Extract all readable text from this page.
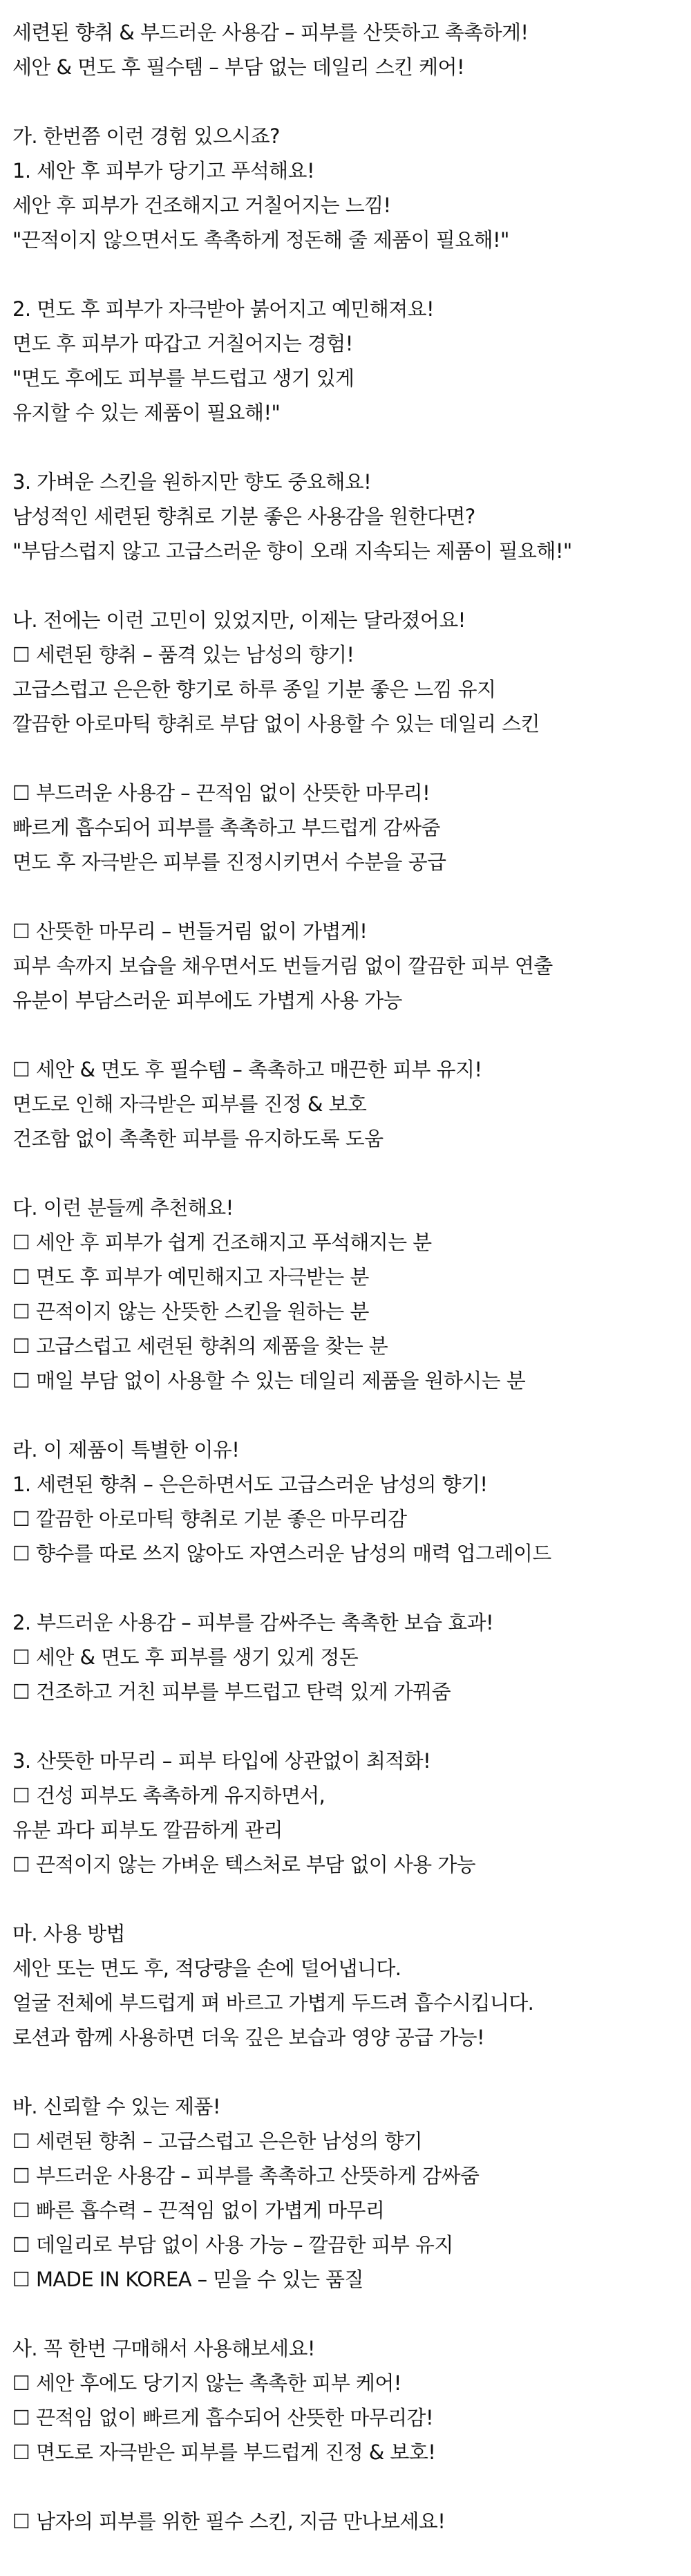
세련된 향취 & 부드러운 사용감 – 피부를 산뜻하고 촉촉하게!
세안 & 면도 후 필수템 – 부담 없는 데일리 스킨 케어!
가. 한번쯤 이런 경험 있으시죠?
1. 세안 후 피부가 당기고 푸석해요!
세안 후 피부가 건조해지고 거칠어지는 느낌!
"끈적이지 않으면서도 촉촉하게 정돈해 줄 제품이 필요해!"
2. 면도 후 피부가 자극받아 붉어지고 예민해져요!
면도 후 피부가 따갑고 거칠어지는 경험!
"면도 후에도 피부를 부드럽고 생기 있게
유지할 수 있는 제품이 필요해!"
3. 가벼운 스킨을 원하지만 향도 중요해요!
남성적인 세련된 향취로 기분 좋은 사용감을 원한다면?
"부담스럽지 않고 고급스러운 향이 오래 지속되는 제품이 필요해!"
나. 전에는 이런 고민이 있었지만, 이제는 달라졌어요!
☐ 세련된 향취 – 품격 있는 남성의 향기!
고급스럽고 은은한 향기로 하루 종일 기분 좋은 느낌 유지
깔끔한 아로마틱 향취로 부담 없이 사용할 수 있는 데일리 스킨
☐ 부드러운 사용감 – 끈적임 없이 산뜻한 마무리!
빠르게 흡수되어 피부를 촉촉하고 부드럽게 감싸줌
면도 후 자극받은 피부를 진정시키면서 수분을 공급
☐ 산뜻한 마무리 – 번들거림 없이 가볍게!
피부 속까지 보습을 채우면서도 번들거림 없이 깔끔한 피부 연출
유분이 부담스러운 피부에도 가볍게 사용 가능
☐ 세안 & 면도 후 필수템 – 촉촉하고 매끈한 피부 유지!
면도로 인해 자극받은 피부를 진정 & 보호
건조함 없이 촉촉한 피부를 유지하도록 도움
다. 이런 분들께 추천해요!
☐ 세안 후 피부가 쉽게 건조해지고 푸석해지는 분
☐ 면도 후 피부가 예민해지고 자극받는 분
☐ 끈적이지 않는 산뜻한 스킨을 원하는 분
☐ 고급스럽고 세련된 향취의 제품을 찾는 분
☐ 매일 부담 없이 사용할 수 있는 데일리 제품을 원하시는 분
라. 이 제품이 특별한 이유!
1. 세련된 향취 – 은은하면서도 고급스러운 남성의 향기!
☐ 깔끔한 아로마틱 향취로 기분 좋은 마무리감
☐ 향수를 따로 쓰지 않아도 자연스러운 남성의 매력 업그레이드
2. 부드러운 사용감 – 피부를 감싸주는 촉촉한 보습 효과!
☐ 세안 & 면도 후 피부를 생기 있게 정돈
☐ 건조하고 거친 피부를 부드럽고 탄력 있게 가꿔줌
3. 산뜻한 마무리 – 피부 타입에 상관없이 최적화!
☐ 건성 피부도 촉촉하게 유지하면서,
유분 과다 피부도 깔끔하게 관리
☐ 끈적이지 않는 가벼운 텍스처로 부담 없이 사용 가능
마. 사용 방법
세안 또는 면도 후, 적당량을 손에 덜어냅니다.
얼굴 전체에 부드럽게 펴 바르고 가볍게 두드려 흡수시킵니다.
로션과 함께 사용하면 더욱 깊은 보습과 영양 공급 가능!
바. 신뢰할 수 있는 제품!
☐ 세련된 향취 – 고급스럽고 은은한 남성의 향기
☐ 부드러운 사용감 – 피부를 촉촉하고 산뜻하게 감싸줌
☐ 빠른 흡수력 – 끈적임 없이 가볍게 마무리
☐ 데일리로 부담 없이 사용 가능 – 깔끔한 피부 유지
☐ MADE IN KOREA – 믿을 수 있는 품질
사. 꼭 한번 구매해서 사용해보세요!
☐ 세안 후에도 당기지 않는 촉촉한 피부 케어!
☐ 끈적임 없이 빠르게 흡수되어 산뜻한 마무리감!
☐ 면도로 자극받은 피부를 부드럽게 진정 & 보호!
☐ 남자의 피부를 위한 필수 스킨, 지금 만나보세요!
